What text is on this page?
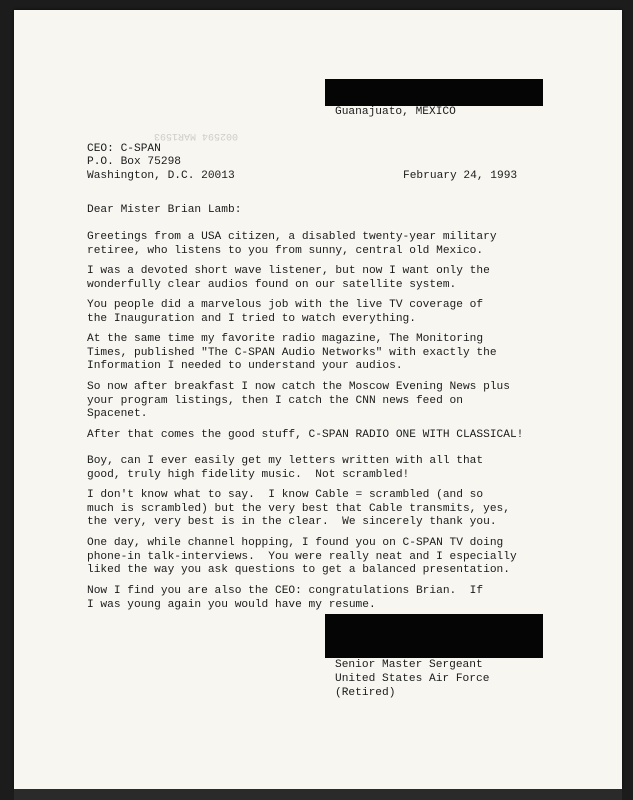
Guanajuato, MEXICO
002594 MAR1593
CEO: C-SPAN
P.O. Box 75298
Washington, D.C. 20013	February 24, 1993
Dear Mister Brian Lamb:
Greetings from a USA citizen, a disabled twenty-year military
retiree, who listens to you from sunny, central old Mexico.
I was a devoted short wave listener, but now I want only the
wonderfully clear audios found on our satellite system.
You people did a marvelous job with the live TV coverage of
the Inauguration and I tried to watch everything.
At the same time my favorite radio magazine, The Monitoring
Times, published "The C-SPAN Audio Networks" with exactly the
Information I needed to understand your audios.
So now after breakfast I now catch the Moscow Evening News plus
your program listings, then I catch the CNN news feed on
Spacenet.
After that comes the good stuff, C-SPAN RADIO ONE WITH CLASSICAL!
Boy, can I ever easily get my letters written with all that
good, truly high fidelity music.  Not scrambled!
I don't know what to say.  I know Cable = scrambled (and so
much is scrambled) but the very best that Cable transmits, yes,
the very, very best is in the clear.  We sincerely thank you.
One day, while channel hopping, I found you on C-SPAN TV doing
phone-in talk-interviews.  You were really neat and I especially
liked the way you ask questions to get a balanced presentation.
Now I find you are also the CEO: congratulations Brian.  If
I was young again you would have my resume.
Senior Master Sergeant
United States Air Force
(Retired)
